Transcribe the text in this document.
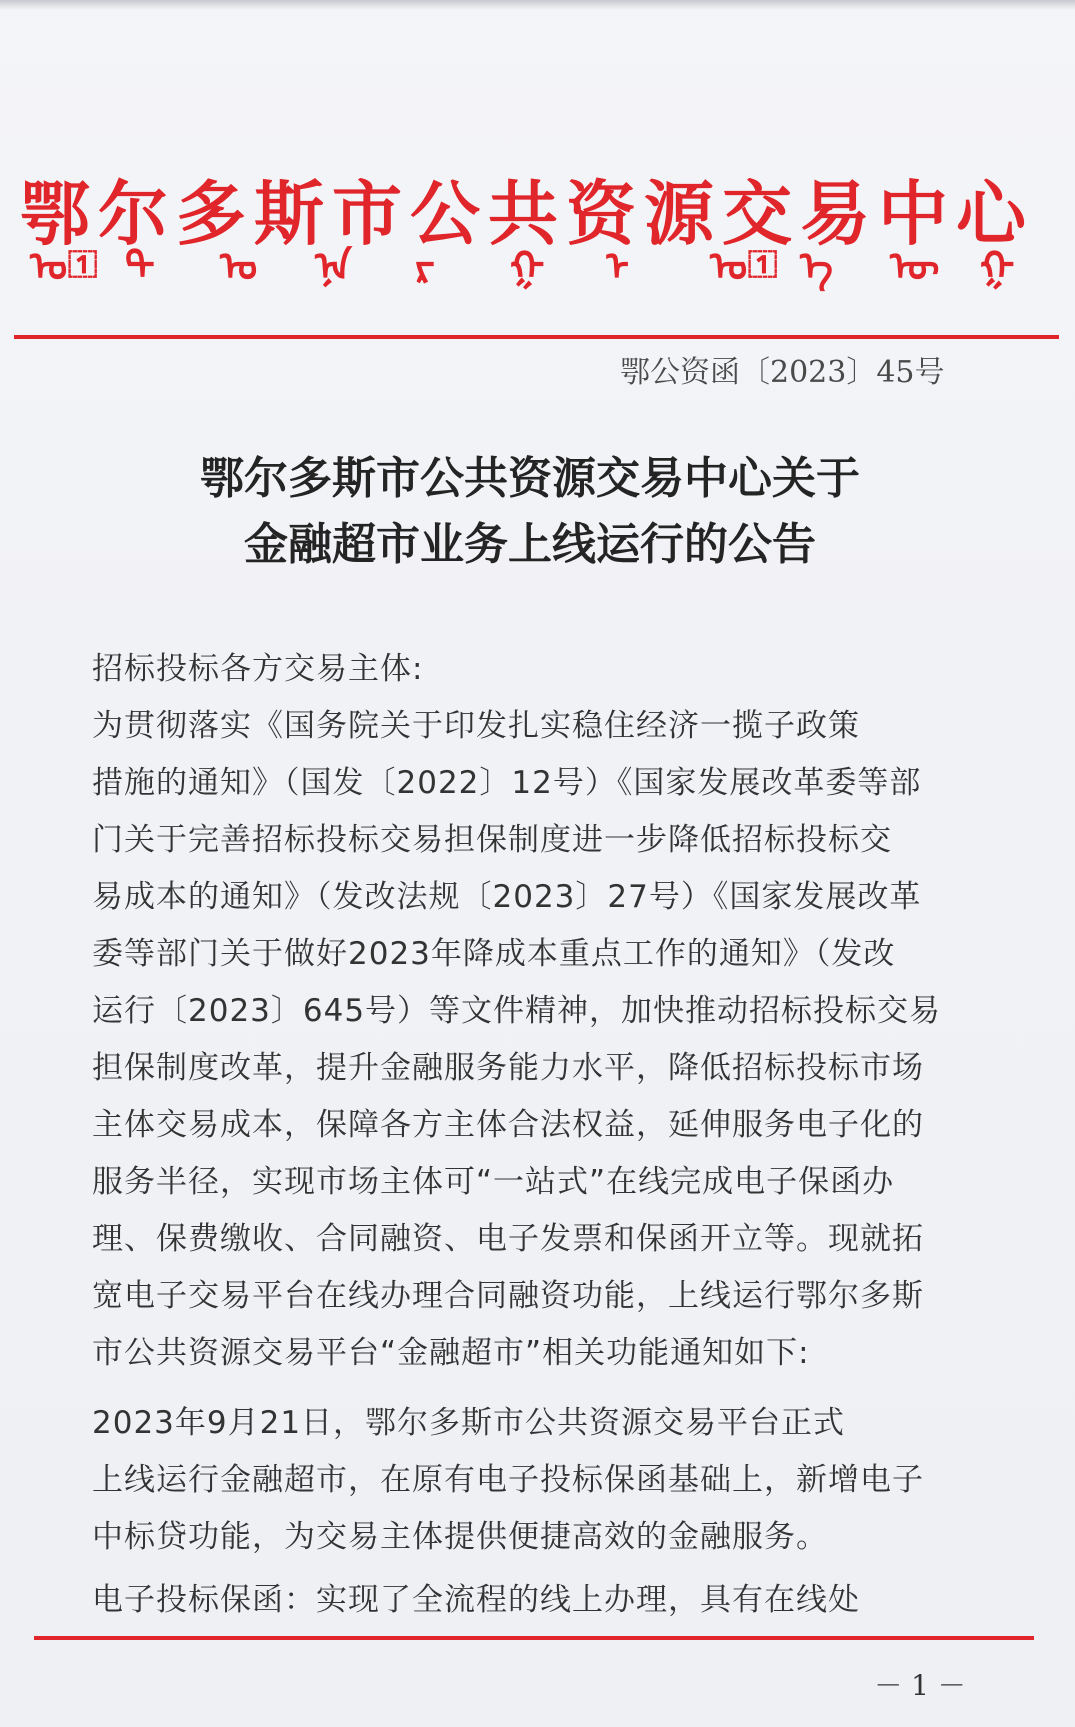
鄂尔多斯市公共资源交易中心
ᠣ᠋ ᠳ᠋ ᠤ ᠨᠡ ᠷ ᠬ᠋ ᠨ᠋ ᠣ᠋ ᠡ ᠦ ᠭ
鄂公资函〔2023〕45号
鄂尔多斯市公共资源交易中心关于
金融超市业务上线运行的公告
招标投标各方交易主体:
为贯彻落实《国务院关于印发扎实稳住经济一揽子政策
措施的通知》（国发〔2022〕12号）《国家发展改革委等部
门关于完善招标投标交易担保制度进一步降低招标投标交
易成本的通知》（发改法规〔2023〕27号）《国家发展改革
委等部门关于做好2023年降成本重点工作的通知》（发改
运行〔2023〕645号）等文件精神，加快推动招标投标交易
担保制度改革，提升金融服务能力水平，降低招标投标市场
主体交易成本，保障各方主体合法权益，延伸服务电子化的
服务半径，实现市场主体可“一站式”在线完成电子保函办
理、保费缴收、合同融资、电子发票和保函开立等。现就拓
宽电子交易平台在线办理合同融资功能，上线运行鄂尔多斯
市公共资源交易平台“金融超市”相关功能通知如下:
2023年9月21日，鄂尔多斯市公共资源交易平台正式
上线运行金融超市，在原有电子投标保函基础上，新增电子
中标贷功能，为交易主体提供便捷高效的金融服务。
电子投标保函：实现了全流程的线上办理，具有在线处
－ 1 －
